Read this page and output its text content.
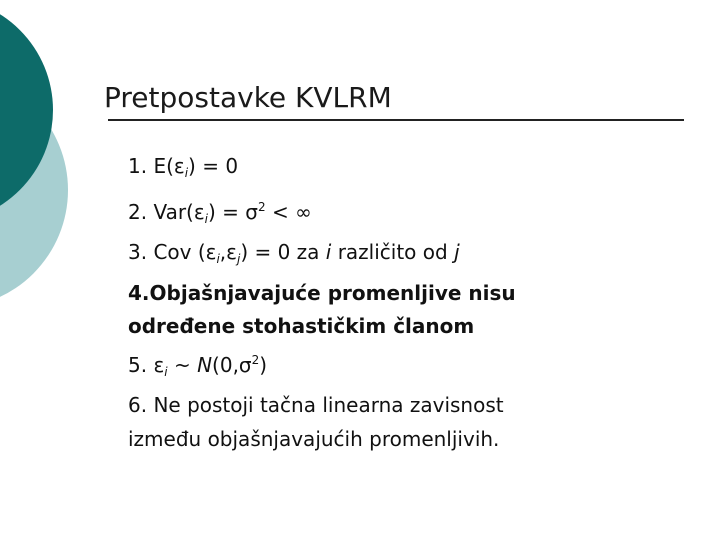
Pretpostavke KVLRM
1. $E(\varepsilon_i) = 0$
2. $Var(\varepsilon_i) = \sigma^2$ < ∞
3. Cov $(\varepsilon_i,\varepsilon_j) = 0$ za i različito od j
4.Objašnjavajuće promenljive nisu
određene stohastičkim članom
5. $\varepsilon_i$ ~ $N(0,\sigma^2)$
6. Ne postoji tačna linearna zavisnost
između objašnjavajućih promenljivih.
